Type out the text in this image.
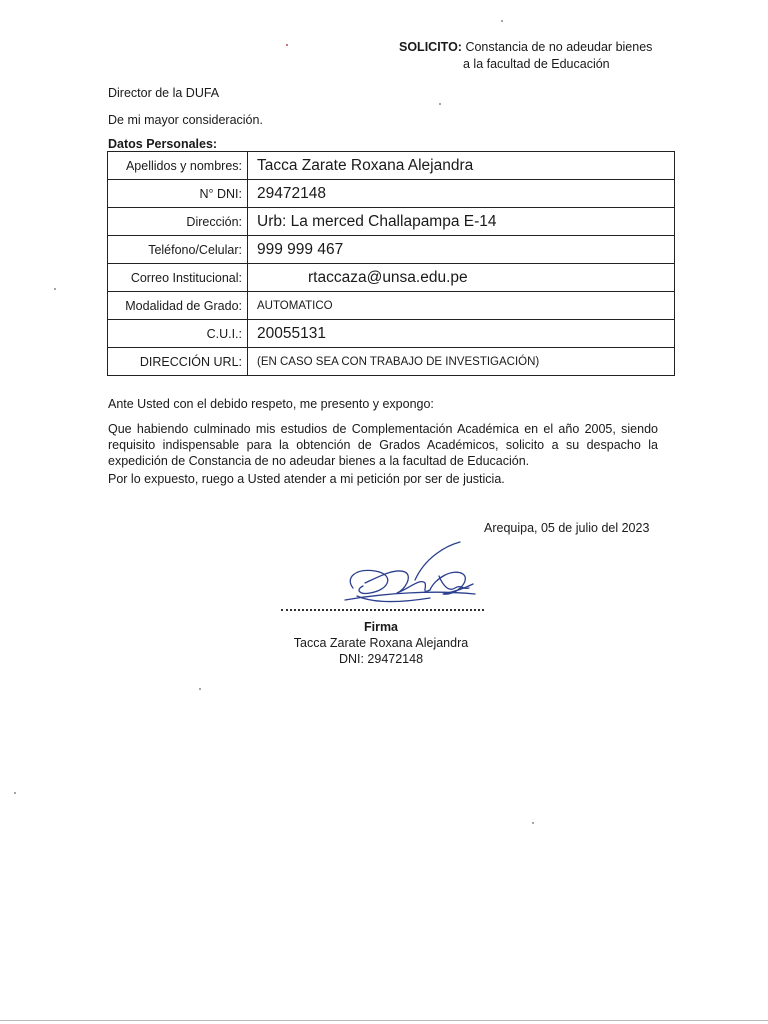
SOLICITO: Constancia de no adeudar bienes
a la facultad de Educación
Director de la DUFA
De mi mayor consideración.
Datos Personales:
Apellidos y nombres:	Tacca Zarate Roxana Alejandra
N° DNI:	29472148
Dirección:	Urb: La merced Challapampa E-14
Teléfono/Celular:	999 999 467
Correo Institucional:	rtaccaza@unsa.edu.pe
Modalidad de Grado:	AUTOMATICO
C.U.I.:	20055131
DIRECCIÓN URL:	(EN CASO SEA CON TRABAJO DE INVESTIGACIÓN)
Ante Usted con el debido respeto, me presento y expongo:
Que habiendo culminado mis estudios de Complementación Académica en el año 2005, siendo
requisito indispensable para la obtención de Grados Académicos, solicito a su despacho la
expedición de Constancia de no adeudar bienes a la facultad de Educación.
Por lo expuesto, ruego a Usted atender a mi petición por ser de justicia.
Arequipa, 05 de julio del 2023
Firma
Tacca Zarate Roxana Alejandra
DNI: 29472148
